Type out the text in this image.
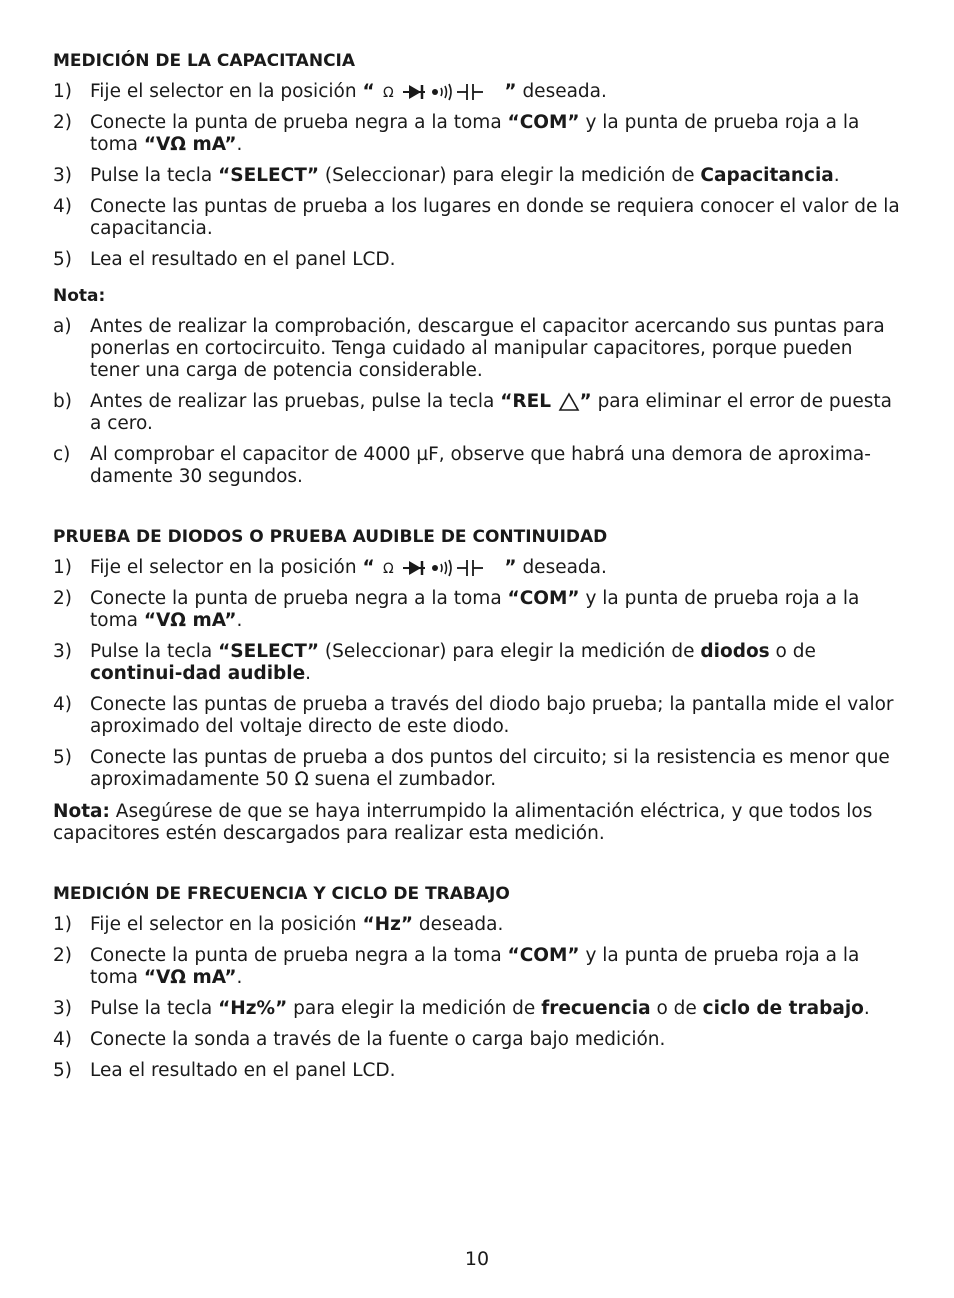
MEDICIÓN DE LA CAPACITANCIA
1) Fije el selector en la posición “ Ω	” deseada.
2) Conecte la punta de prueba negra a la toma “COM” y la punta de prueba roja a la toma “VΩ mA”.
3) Pulse la tecla “SELECT” (Seleccionar) para elegir la medición de Capacitancia.
4) Conecte las puntas de prueba a los lugares en donde se requiera conocer el valor de la capacitancia.
5) Lea el resultado en el panel LCD.
Nota:
a) Antes de realizar la comprobación, descargue el capacitor acercando sus puntas para ponerlas en cortocircuito. Tenga cuidado al manipular capacitores, porque pueden tener una carga de potencia considerable.
b) Antes de realizar las pruebas, pulse la tecla “REL ” para eliminar el error de puesta a cero.
c) Al comprobar el capacitor de 4000 µF, observe que habrá una demora de aproxima-damente 30 segundos.
PRUEBA DE DIODOS O PRUEBA AUDIBLE DE CONTINUIDAD
1) Fije el selector en la posición “ Ω	” deseada.
2) Conecte la punta de prueba negra a la toma “COM” y la punta de prueba roja a la toma “VΩ mA”.
3) Pulse la tecla “SELECT” (Seleccionar) para elegir la medición de diodos o de continui-dad audible.
4) Conecte las puntas de prueba a través del diodo bajo prueba; la pantalla mide el valor aproximado del voltaje directo de este diodo.
5) Conecte las puntas de prueba a dos puntos del circuito; si la resistencia es menor que aproximadamente 50 Ω suena el zumbador.
Nota: Asegúrese de que se haya interrumpido la alimentación eléctrica, y que todos los capacitores estén descargados para realizar esta medición.
MEDICIÓN DE FRECUENCIA Y CICLO DE TRABAJO
1) Fije el selector en la posición “Hz” deseada.
2) Conecte la punta de prueba negra a la toma “COM” y la punta de prueba roja a la toma “VΩ mA”.
3) Pulse la tecla “Hz%” para elegir la medición de frecuencia o de ciclo de trabajo.
4) Conecte la sonda a través de la fuente o carga bajo medición.
5) Lea el resultado en el panel LCD.
10
